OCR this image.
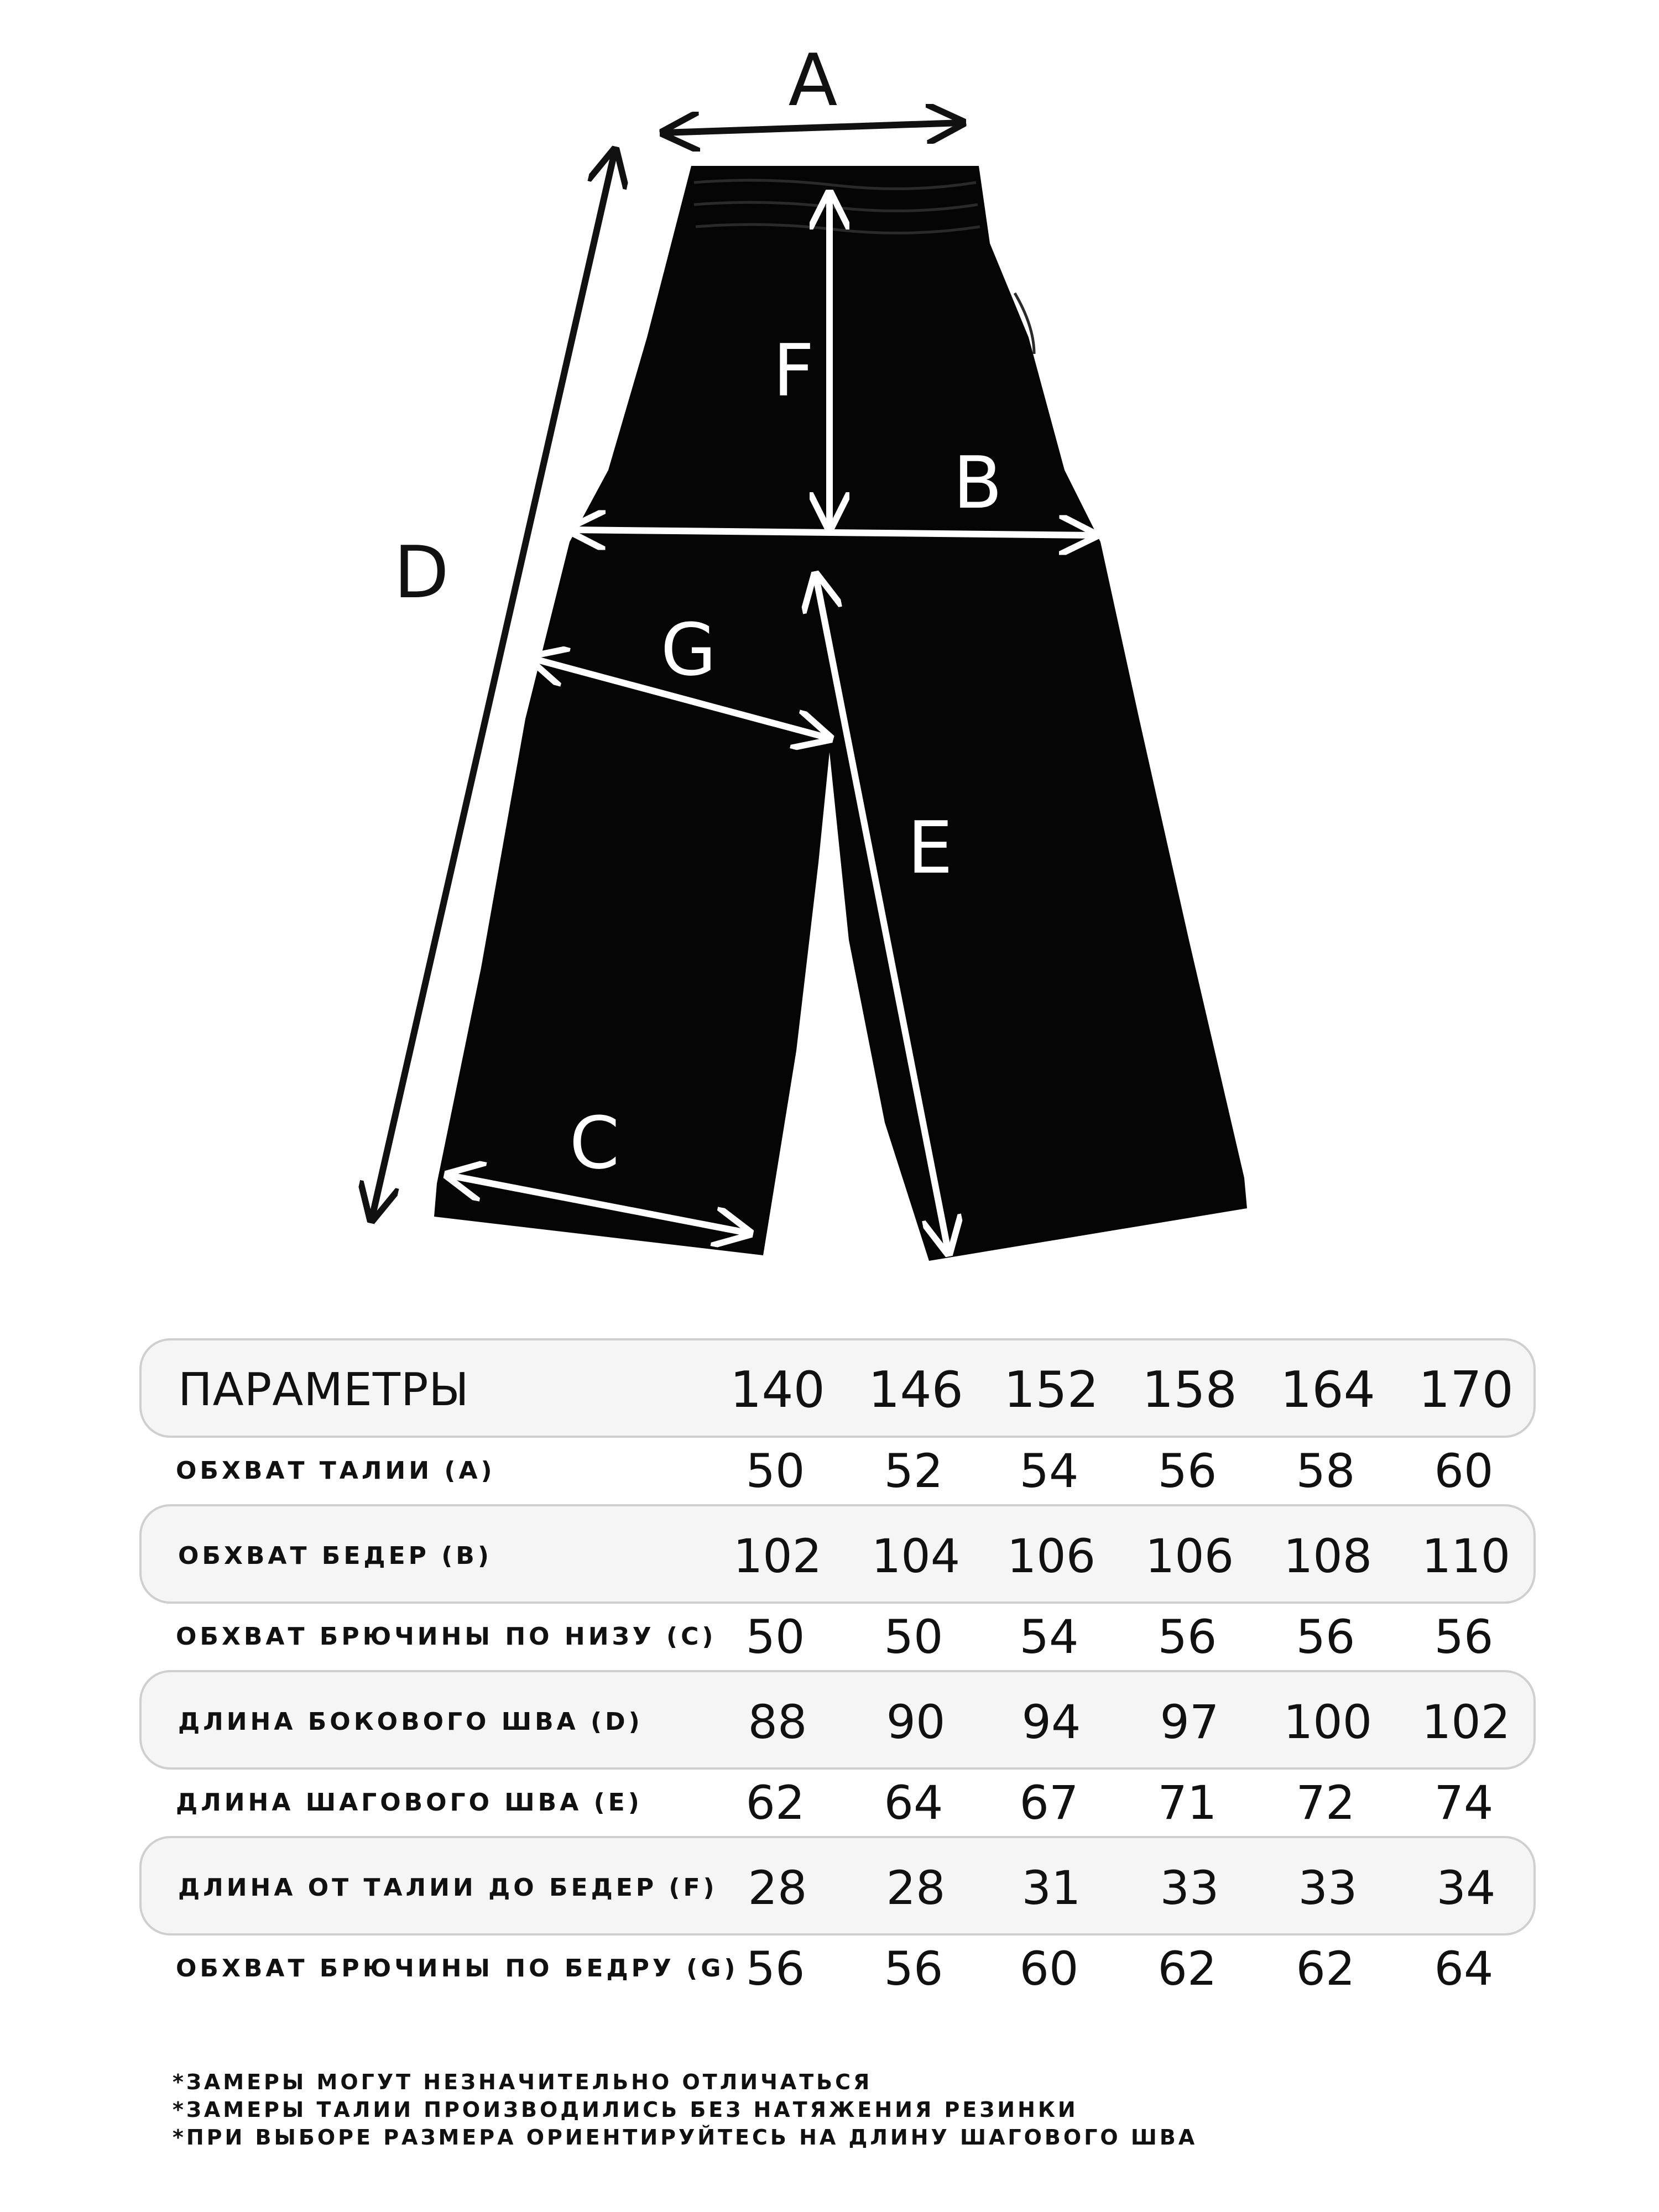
A
D
F
B
G
E
C
ПАРАМЕТРЫ	140 146 152 158 164 170
ОБХВАТ ТАЛИИ (A)	50	52	54	56	58	60
ОБХВАТ БЕДЕР (B)	102	104	106	106	108	110
ОБХВАТ БРЮЧИНЫ ПО НИЗУ (C) 50	50	54	56	56	56
ДЛИНА БОКОВОГО ШВА (D)	88	90	94	97	100	102
ДЛИНА ШАГОВОГО ШВА (E)	62	64	67	71	72	74
ДЛИНА ОТ ТАЛИИ ДО БЕДЕР (F) 28	28	31	33	33	34
ОБХВАТ БРЮЧИНЫ ПО БЕДРУ (G) 56	56	60	62	62	64
*ЗАМЕРЫ МОГУТ НЕЗНАЧИТЕЛЬНО ОТЛИЧАТЬСЯ
*ЗАМЕРЫ ТАЛИИ ПРОИЗВОДИЛИСЬ БЕЗ НАТЯЖЕНИЯ РЕЗИНКИ
*ПРИ ВЫБОРЕ РАЗМЕРА ОРИЕНТИРУЙТЕСЬ НА ДЛИНУ ШАГОВОГО ШВА
